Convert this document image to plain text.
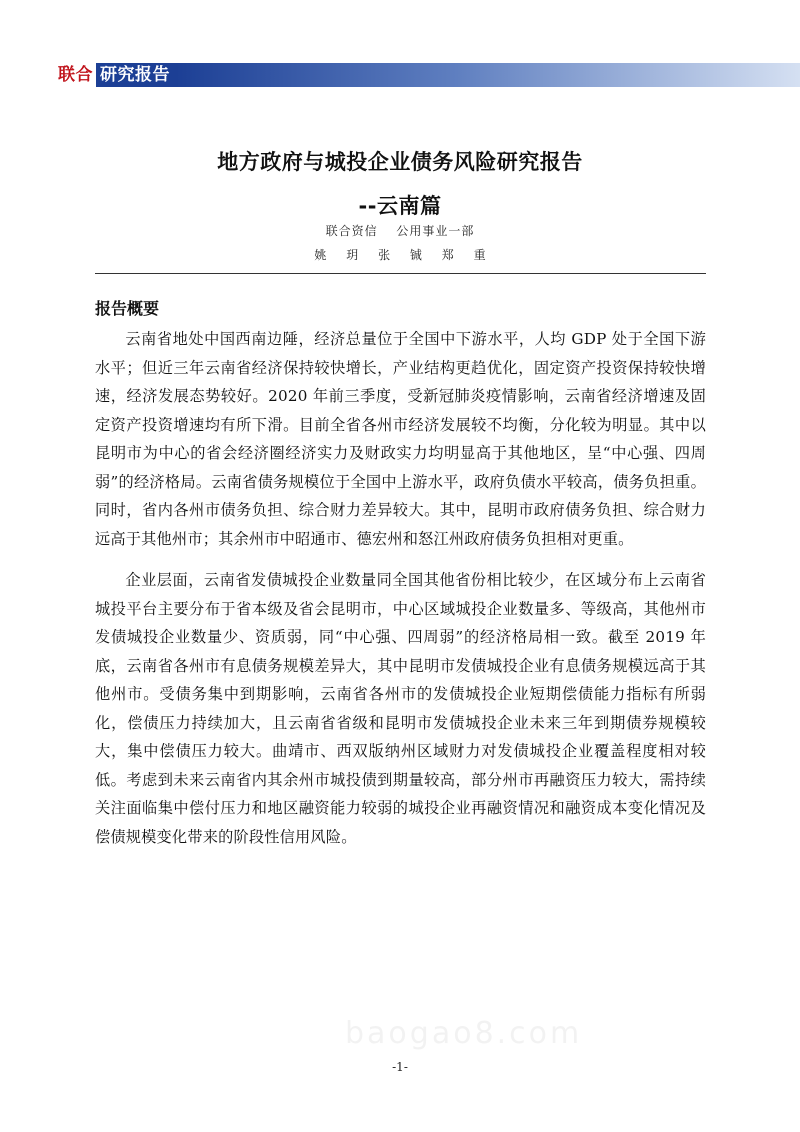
联合 研究报告
地方政府与城投企业债务风险研究报告
--云南篇
联合资信 公用事业一部
姚 玥 张 铖 郑 重
报告概要

云南省地处中国西南边陲，经济总量位于全国中下游水平，人均 GDP 处于全国下游水平；但近三年云南省经济保持较快增长，产业结构更趋优化，固定资产投资保持较快增速，经济发展态势较好。2020 年前三季度，受新冠肺炎疫情影响，云南省经济增速及固定资产投资增速均有所下滑。目前全省各州市经济发展较不均衡，分化较为明显。其中以昆明市为中心的省会经济圈经济实力及财政实力均明显高于其他地区，呈“中心强、四周弱”的经济格局。云南省债务规模位于全国中上游水平，政府负债水平较高，债务负担重。同时，省内各州市债务负担、综合财力差异较大。其中，昆明市政府债务负担、综合财力远高于其他州市；其余州市中昭通市、德宏州和怒江州政府债务负担相对更重。

企业层面，云南省发债城投企业数量同全国其他省份相比较少，在区域分布上云南省城投平台主要分布于省本级及省会昆明市，中心区域城投企业数量多、等级高，其他州市发债城投企业数量少、资质弱，同“中心强、四周弱”的经济格局相一致。截至 2019 年底，云南省各州市有息债务规模差异大，其中昆明市发债城投企业有息债务规模远高于其他州市。受债务集中到期影响，云南省各州市的发债城投企业短期偿债能力指标有所弱化，偿债压力持续加大，且云南省省级和昆明市发债城投企业未来三年到期债券规模较大，集中偿债压力较大。曲靖市、西双版纳州区域财力对发债城投企业覆盖程度相对较低。考虑到未来云南省内其余州市城投债到期量较高，部分州市再融资压力较大，需持续关注面临集中偿付压力和地区融资能力较弱的城投企业再融资情况和融资成本变化情况及偿债规模变化带来的阶段性信用风险。

baogao8.com
-1-
